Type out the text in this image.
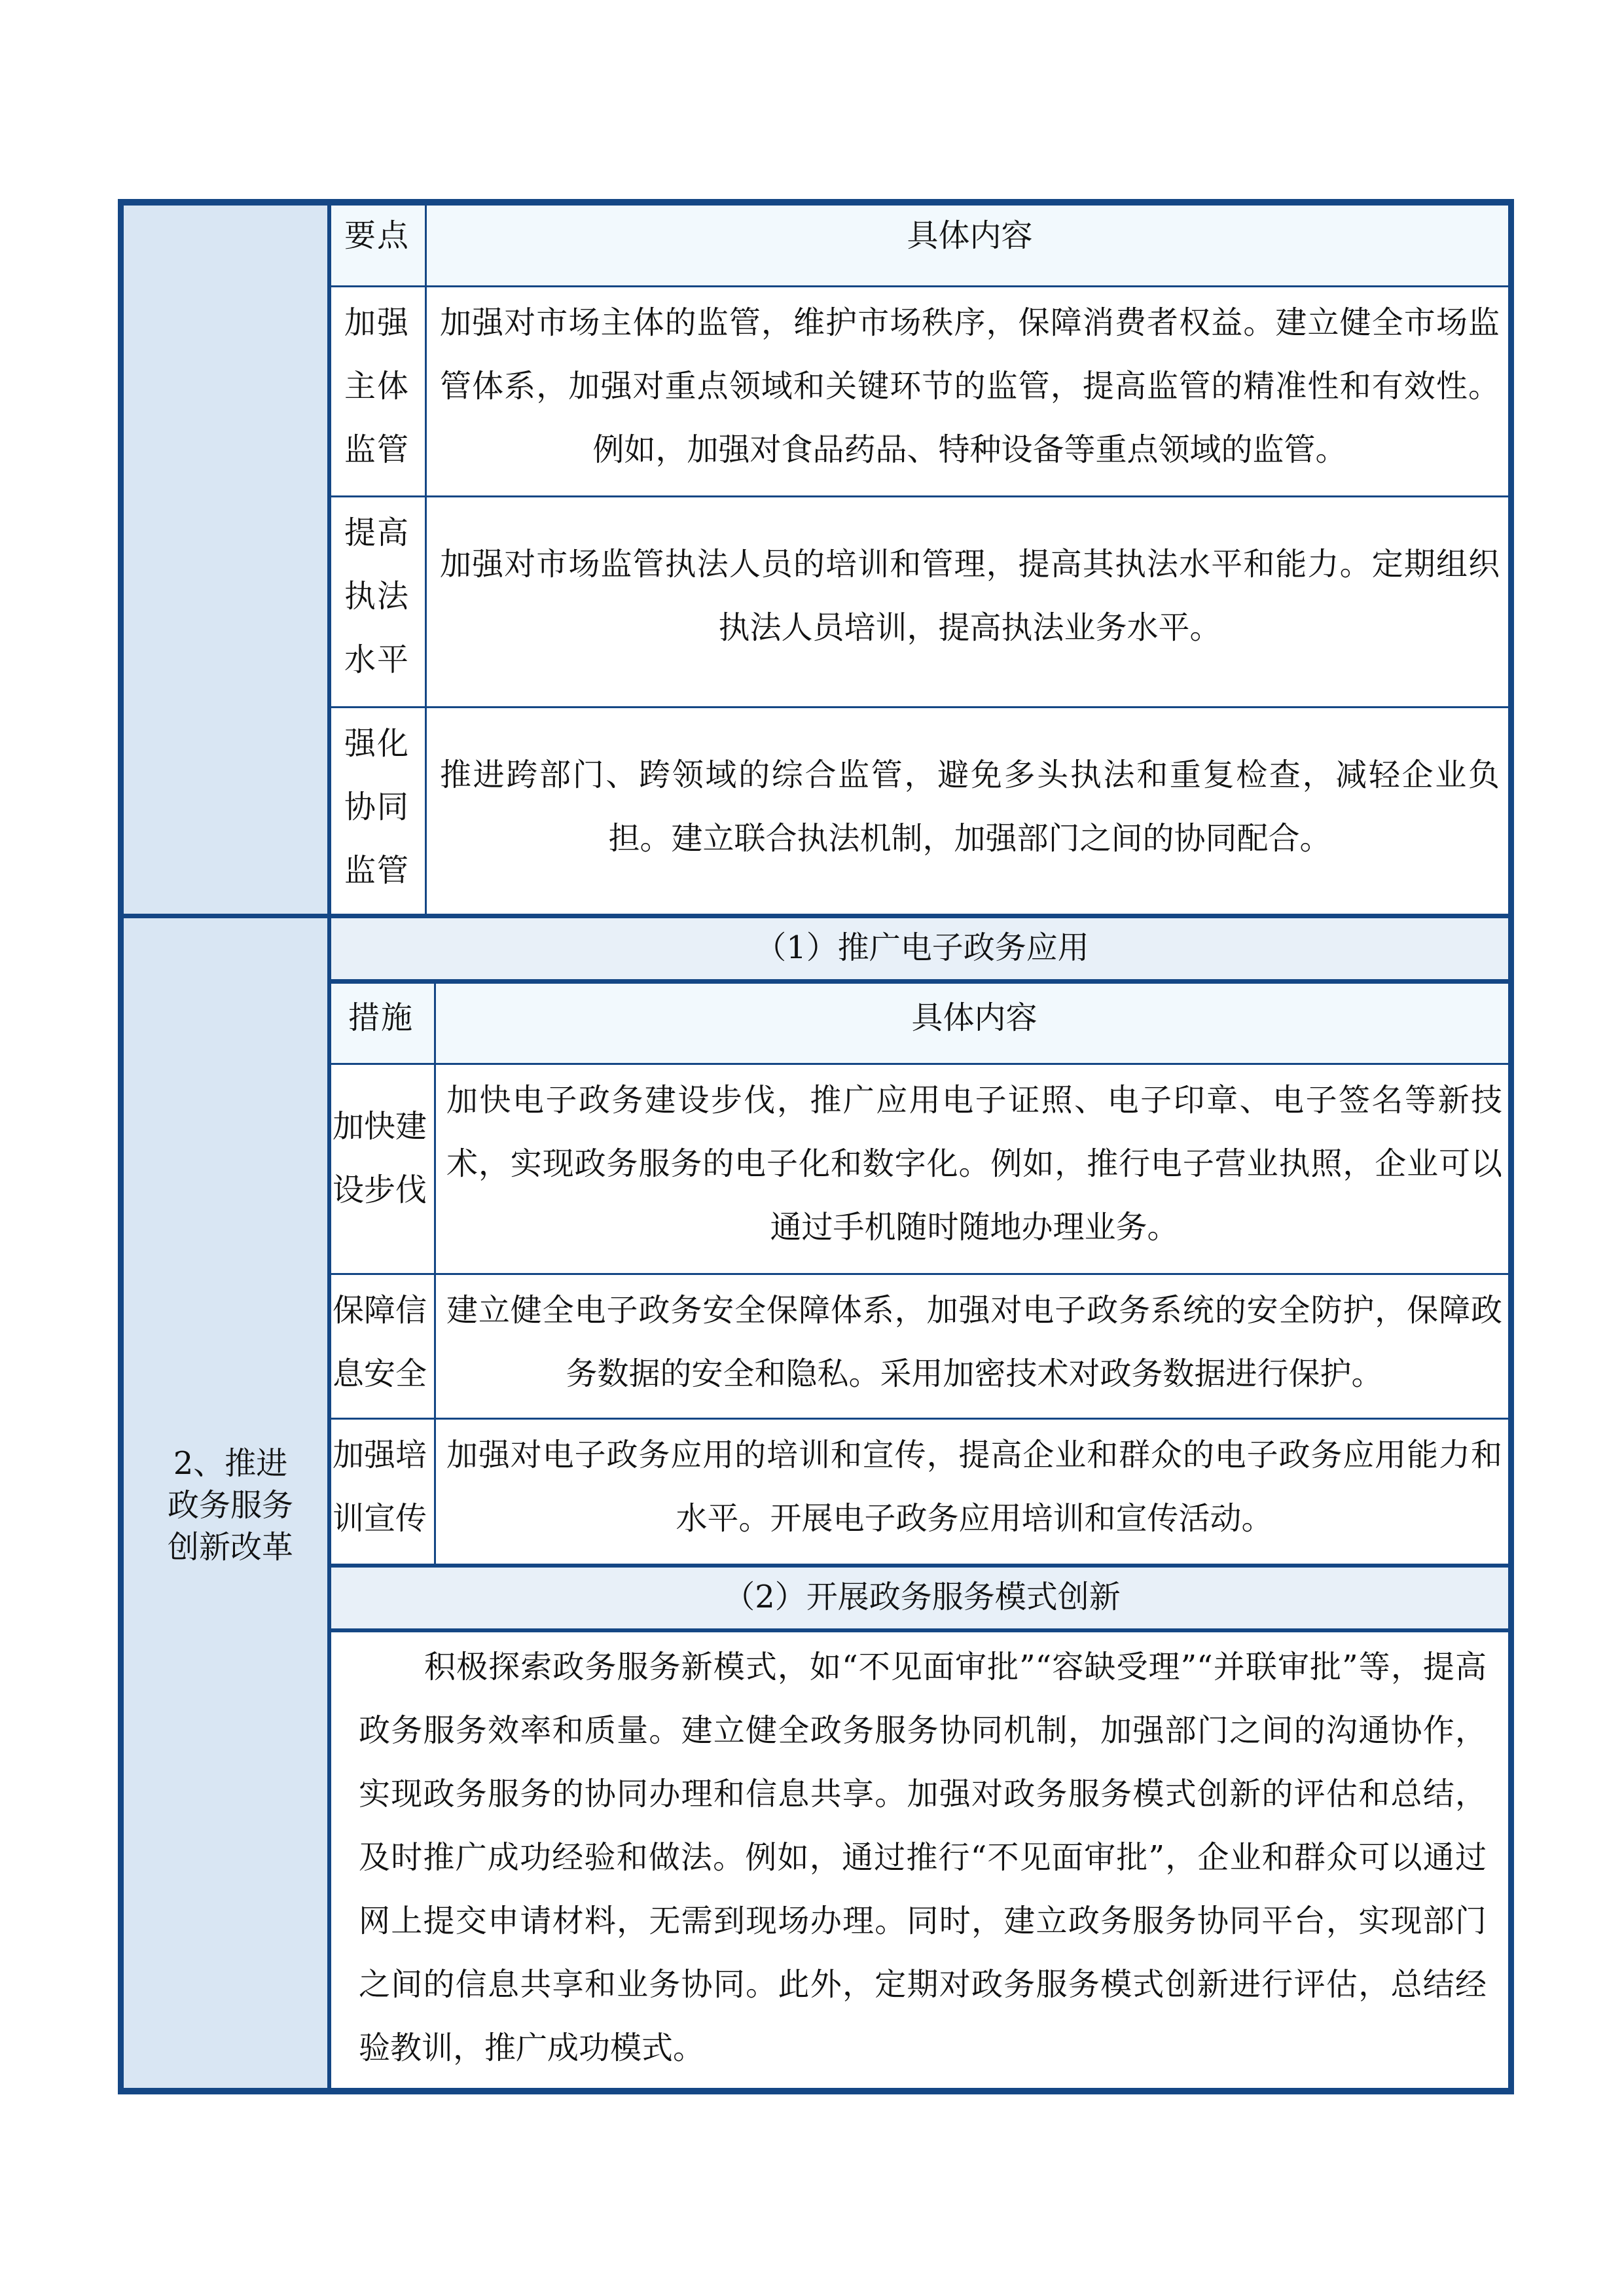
要点	具体内容
加强主体监管
加强对市场主体的监管，维护市场秩序，保障消费者权益。建立健全市场监管体系，加强对重点领域和关键环节的监管，提高监管的精准性和有效性。例如，加强对食品药品、特种设备等重点领域的监管。
提高执法水平
加强对市场监管执法人员的培训和管理，提高其执法水平和能力。定期组织执法人员培训，提高执法业务水平。
强化协同监管
推进跨部门、跨领域的综合监管，避免多头执法和重复检查，减轻企业负担。建立联合执法机制，加强部门之间的协同配合。
2、推进政务服务创新改革
（1）推广电子政务应用
措施	具体内容
加快建设步伐
加快电子政务建设步伐，推广应用电子证照、电子印章、电子签名等新技术，实现政务服务的电子化和数字化。例如，推行电子营业执照，企业可以通过手机随时随地办理业务。
保障信息安全
建立健全电子政务安全保障体系，加强对电子政务系统的安全防护，保障政务数据的安全和隐私。采用加密技术对政务数据进行保护。
加强培训宣传
加强对电子政务应用的培训和宣传，提高企业和群众的电子政务应用能力和水平。开展电子政务应用培训和宣传活动。
（2）开展政务服务模式创新
积极探索政务服务新模式，如“不见面审批”“容缺受理”“并联审批”等，提高政务服务效率和质量。建立健全政务服务协同机制，加强部门之间的沟通协作，实现政务服务的协同办理和信息共享。加强对政务服务模式创新的评估和总结，及时推广成功经验和做法。例如，通过推行“不见面审批”，企业和群众可以通过网上提交申请材料，无需到现场办理。同时，建立政务服务协同平台，实现部门之间的信息共享和业务协同。此外，定期对政务服务模式创新进行评估，总结经验教训，推广成功模式。
